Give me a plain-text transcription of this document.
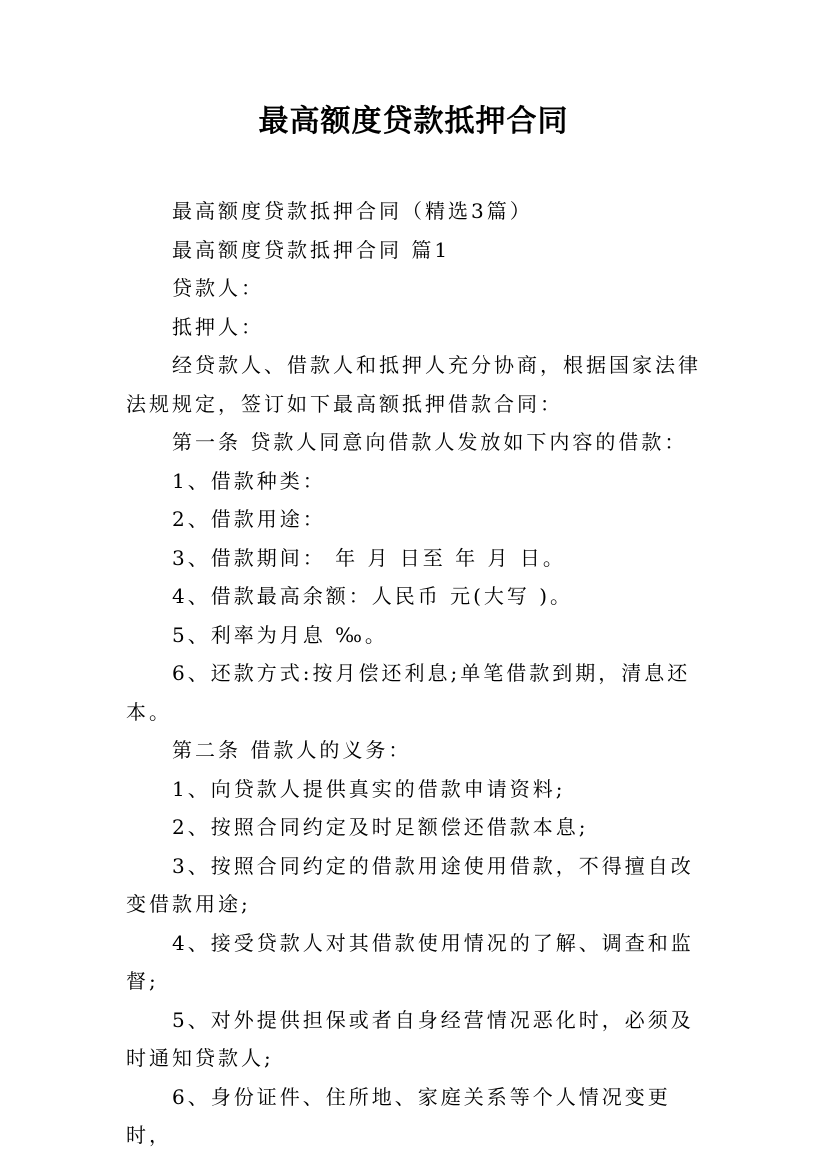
最高额度贷款抵押合同

最高额度贷款抵押合同（精选3篇）

最高额度贷款抵押合同 篇1

贷款人：

抵押人：

经贷款人、借款人和抵押人充分协商，根据国家法律法规规定，签订如下最高额抵押借款合同：

第一条 贷款人同意向借款人发放如下内容的借款：

1、借款种类：

2、借款用途：

3、借款期间： 年 月 日至 年 月 日。

4、借款最高余额：人民币 元(大写 )。

5、利率为月息 ‰。

6、还款方式:按月偿还利息;单笔借款到期，清息还本。

第二条 借款人的义务：

1、向贷款人提供真实的借款申请资料;

2、按照合同约定及时足额偿还借款本息;

3、按照合同约定的借款用途使用借款，不得擅自改变借款用途;

4、接受贷款人对其借款使用情况的了解、调查和监督;

5、对外提供担保或者自身经营情况恶化时，必须及时通知贷款人;

6、身份证件、住所地、家庭关系等个人情况变更时，
